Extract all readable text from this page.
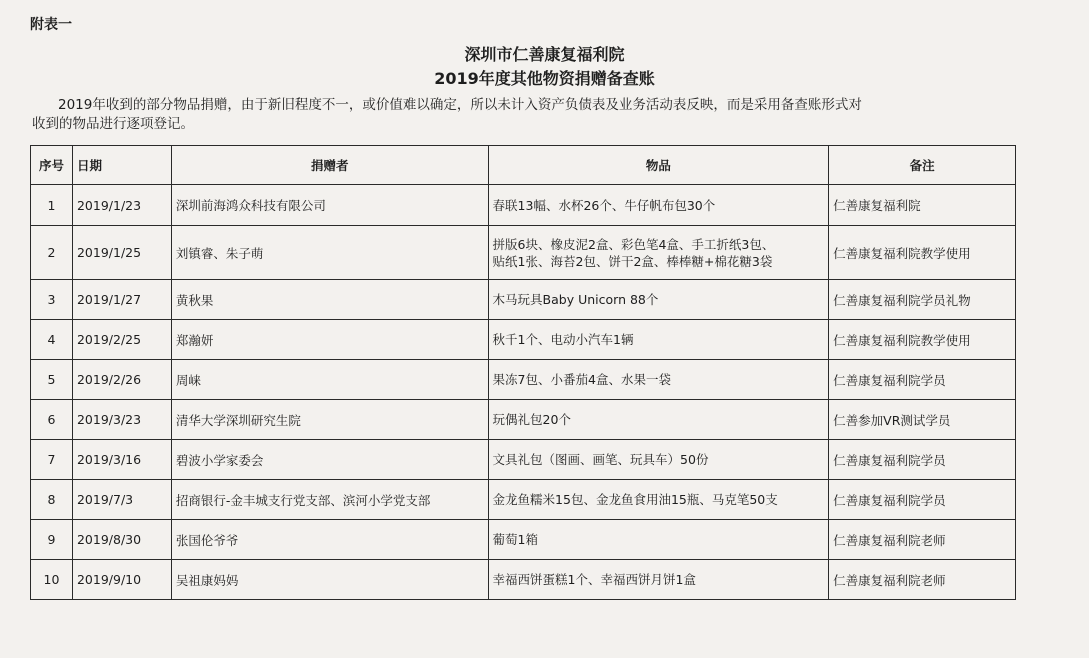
附表一
深圳市仁善康复福利院
2019年度其他物资捐赠备查账
2019年收到的部分物品捐赠，由于新旧程度不一，或价值难以确定，所以未计入资产负债表及业务活动表反映，而是采用备查账形式对
收到的物品进行逐项登记。
序号	日期	捐赠者	物品	备注
1	2019/1/23	深圳前海鸿众科技有限公司	春联13幅、水杯26个、牛仔帆布包30个	仁善康复福利院
2	2019/1/25	刘镇睿、朱子萌	拼版6块、橡皮泥2盒、彩色笔4盒、手工折纸3包、
贴纸1张、海苔2包、饼干2盒、棒棒糖+棉花糖3袋	仁善康复福利院教学使用
3	2019/1/27	黄秋果	木马玩具Baby Unicorn 88个	仁善康复福利院学员礼物
4	2019/2/25	郑瀚妍	秋千1个、电动小汽车1辆	仁善康复福利院教学使用
5	2019/2/26	周崃	果冻7包、小番茄4盒、水果一袋	仁善康复福利院学员
6	2019/3/23	清华大学深圳研究生院	玩偶礼包20个	仁善参加VR测试学员
7	2019/3/16	碧波小学家委会	文具礼包（图画、画笔、玩具车）50份	仁善康复福利院学员
8	2019/7/3	招商银行-金丰城支行党支部、滨河小学党支部	金龙鱼糯米15包、金龙鱼食用油15瓶、马克笔50支	仁善康复福利院学员
9	2019/8/30	张国伦爷爷	葡萄1箱	仁善康复福利院老师
10	2019/9/10	吴祖康妈妈	幸福西饼蛋糕1个、幸福西饼月饼1盒	仁善康复福利院老师
